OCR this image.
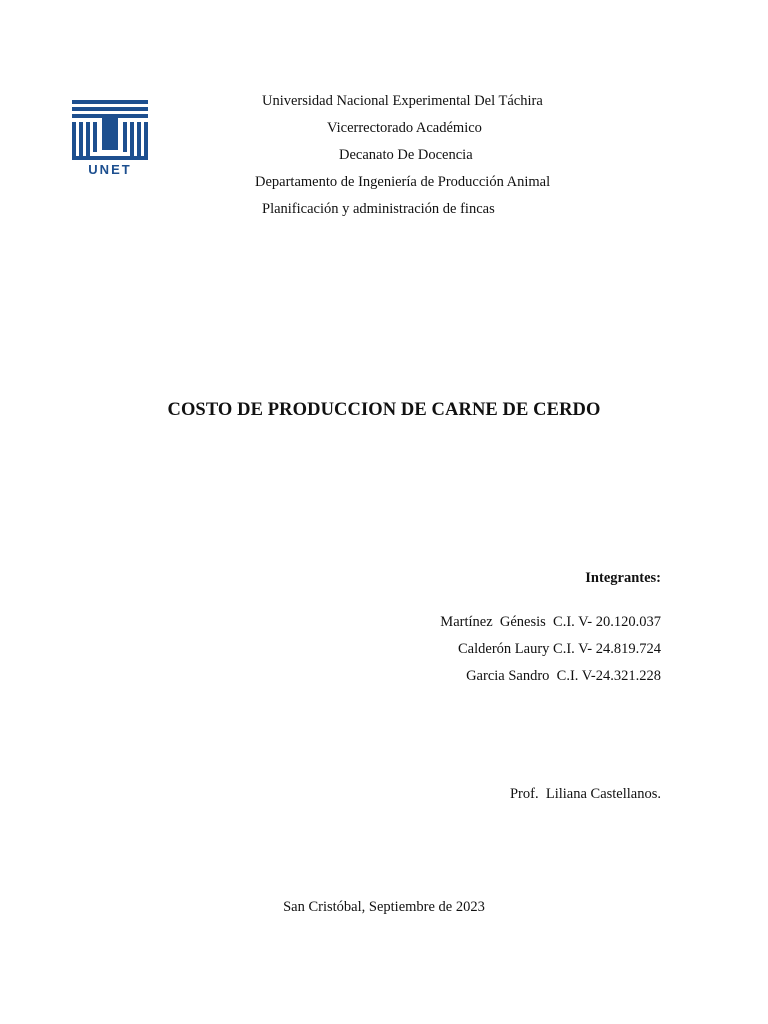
UNET
Universidad Nacional Experimental Del Táchira
Vicerrectorado Académico
Decanato De Docencia
Departamento de Ingeniería de Producción Animal
Planificación y administración de fincas
COSTO DE PRODUCCION DE CARNE DE CERDO
Integrantes:
Martínez  Génesis  C.I. V- 20.120.037
Calderón Laury C.I. V- 24.819.724
Garcia Sandro  C.I. V-24.321.228
Prof.  Liliana Castellanos.
San Cristóbal, Septiembre de 2023
